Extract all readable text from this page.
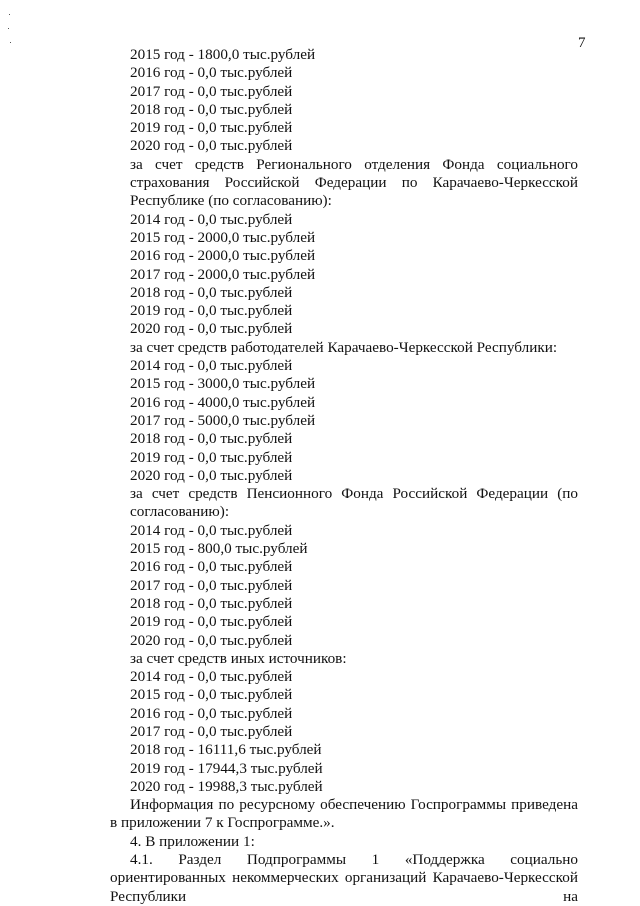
7

2015 год - 1800,0 тыс.рублей

2016 год - 0,0 тыс.рублей

2017 год - 0,0 тыс.рублей

2018 год - 0,0 тыс.рублей

2019 год - 0,0 тыс.рублей

2020 год - 0,0 тыс.рублей

за счет средств Регионального отделения Фонда социального страхования Российской Федерации по Карачаево-Черкесской Республике (по согласованию):

2014 год - 0,0 тыс.рублей

2015 год - 2000,0 тыс.рублей

2016 год - 2000,0 тыс.рублей

2017 год - 2000,0 тыс.рублей

2018 год - 0,0 тыс.рублей

2019 год - 0,0 тыс.рублей

2020 год - 0,0 тыс.рублей

за счет средств работодателей Карачаево-Черкесской Республики:

2014 год - 0,0 тыс.рублей

2015 год - 3000,0 тыс.рублей

2016 год - 4000,0 тыс.рублей

2017 год - 5000,0 тыс.рублей

2018 год - 0,0 тыс.рублей

2019 год - 0,0 тыс.рублей

2020 год - 0,0 тыс.рублей

за счет средств Пенсионного Фонда Российской Федерации (по согласованию):

2014 год - 0,0 тыс.рублей

2015 год - 800,0 тыс.рублей

2016 год - 0,0 тыс.рублей

2017 год - 0,0 тыс.рублей

2018 год - 0,0 тыс.рублей

2019 год - 0,0 тыс.рублей

2020 год - 0,0 тыс.рублей

за счет средств иных источников:

2014 год - 0,0 тыс.рублей

2015 год - 0,0 тыс.рублей

2016 год - 0,0 тыс.рублей

2017 год - 0,0 тыс.рублей

2018 год - 16111,6 тыс.рублей

2019 год - 17944,3 тыс.рублей

2020 год - 19988,3 тыс.рублей

Информация по ресурсному обеспечению Госпрограммы приведена в приложении 7 к Госпрограмме.».

4. В приложении 1:

4.1. Раздел Подпрограммы 1 «Поддержка социально ориентированных некоммерческих организаций Карачаево-Черкесской Республики на
